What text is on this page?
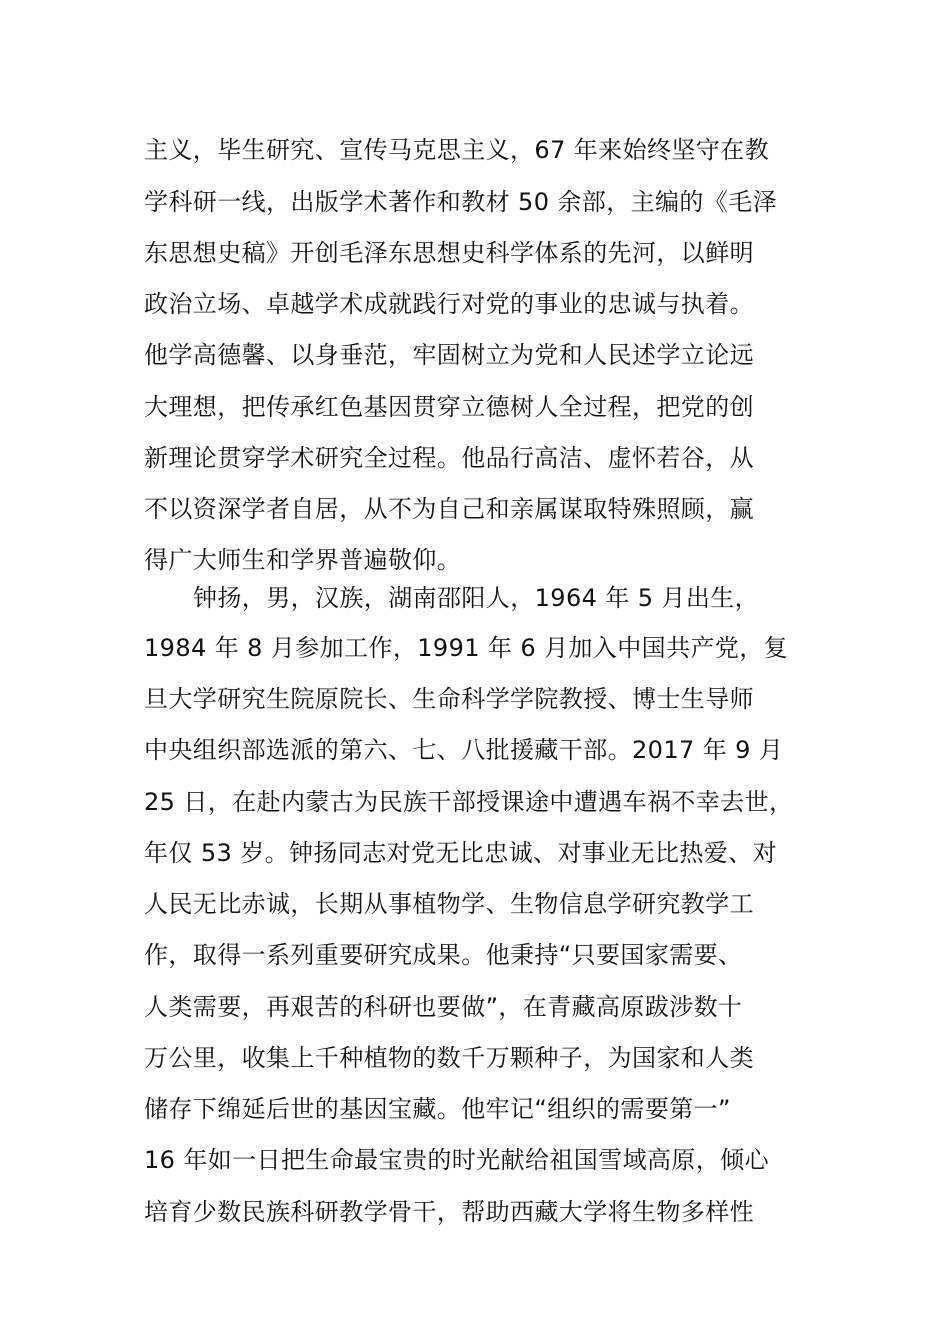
主义，毕生研究、宣传马克思主义，67 年来始终坚守在教
学科研一线，出版学术著作和教材 50 余部，主编的《毛泽
东思想史稿》开创毛泽东思想史科学体系的先河，以鲜明
政治立场、卓越学术成就践行对党的事业的忠诚与执着。
他学高德馨、以身垂范，牢固树立为党和人民述学立论远
大理想，把传承红色基因贯穿立德树人全过程，把党的创
新理论贯穿学术研究全过程。他品行高洁、虚怀若谷，从
不以资深学者自居，从不为自己和亲属谋取特殊照顾，赢
得广大师生和学界普遍敬仰。
钟扬，男，汉族，湖南邵阳人，1964 年 5 月出生，
1984 年 8 月参加工作，1991 年 6 月加入中国共产党，复
旦大学研究生院原院长、生命科学学院教授、博士生导师
中央组织部选派的第六、七、八批援藏干部。2017 年 9 月
25 日，在赴内蒙古为民族干部授课途中遭遇车祸不幸去世，
年仅 53 岁。钟扬同志对党无比忠诚、对事业无比热爱、对
人民无比赤诚，长期从事植物学、生物信息学研究教学工
作，取得一系列重要研究成果。他秉持“只要国家需要、
人类需要，再艰苦的科研也要做”，在青藏高原跋涉数十
万公里，收集上千种植物的数千万颗种子，为国家和人类
储存下绵延后世的基因宝藏。他牢记“组织的需要第一”
16 年如一日把生命最宝贵的时光献给祖国雪域高原，倾心
培育少数民族科研教学骨干，帮助西藏大学将生物多样性
